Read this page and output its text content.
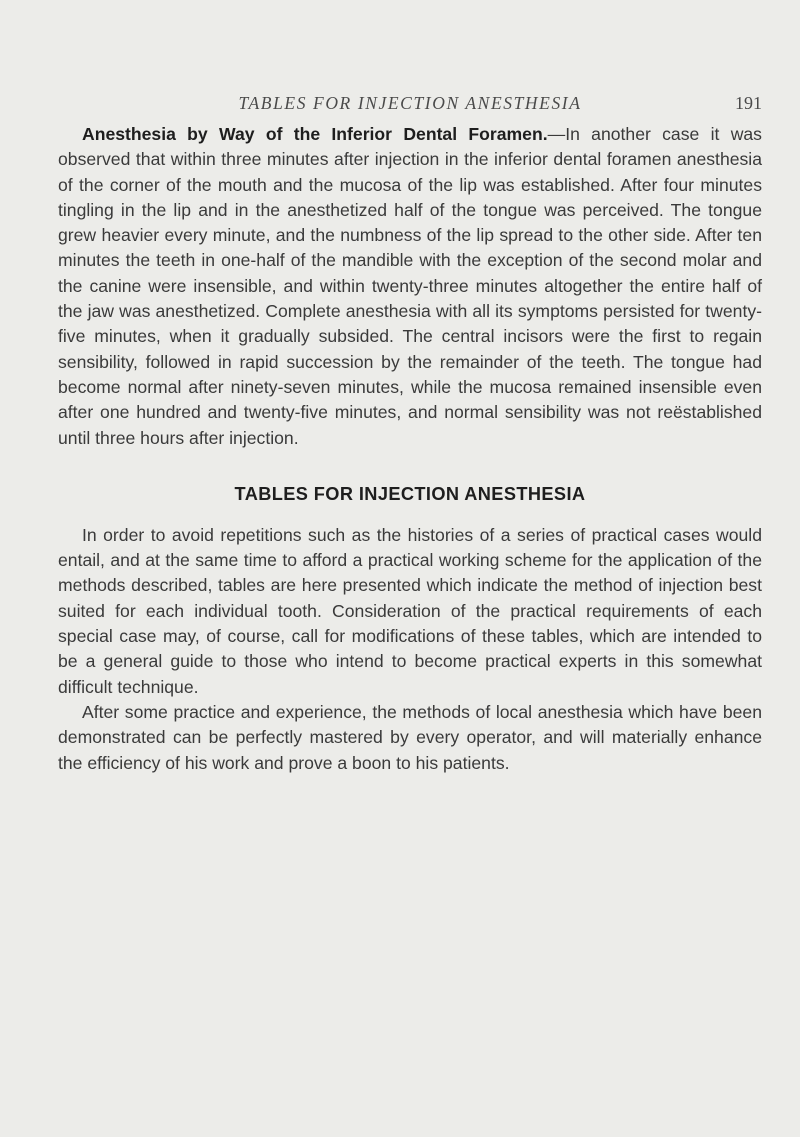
TABLES FOR INJECTION ANESTHESIA	191

Anesthesia by Way of the Inferior Dental Foramen.—In another case it was observed that within three minutes after injection in the inferior dental foramen anesthesia of the corner of the mouth and the mucosa of the lip was established. After four minutes tingling in the lip and in the anesthetized half of the tongue was perceived. The tongue grew heavier every minute, and the numbness of the lip spread to the other side. After ten minutes the teeth in one-half of the mandible with the exception of the second molar and the canine were insensible, and within twenty-three minutes altogether the entire half of the jaw was anesthetized. Complete anesthesia with all its symptoms persisted for twenty-five minutes, when it gradually subsided. The central incisors were the first to regain sensibility, followed in rapid succession by the remainder of the teeth. The tongue had become normal after ninety-seven minutes, while the mucosa remained insensible even after one hundred and twenty-five minutes, and normal sensibility was not reëstablished until three hours after injection.

TABLES FOR INJECTION ANESTHESIA

In order to avoid repetitions such as the histories of a series of practical cases would entail, and at the same time to afford a practical working scheme for the application of the methods described, tables are here presented which indicate the method of injection best suited for each individual tooth. Consideration of the practical requirements of each special case may, of course, call for modifications of these tables, which are intended to be a general guide to those who intend to become practical experts in this somewhat difficult technique.

After some practice and experience, the methods of local anesthesia which have been demonstrated can be perfectly mastered by every operator, and will materially enhance the efficiency of his work and prove a boon to his patients.
